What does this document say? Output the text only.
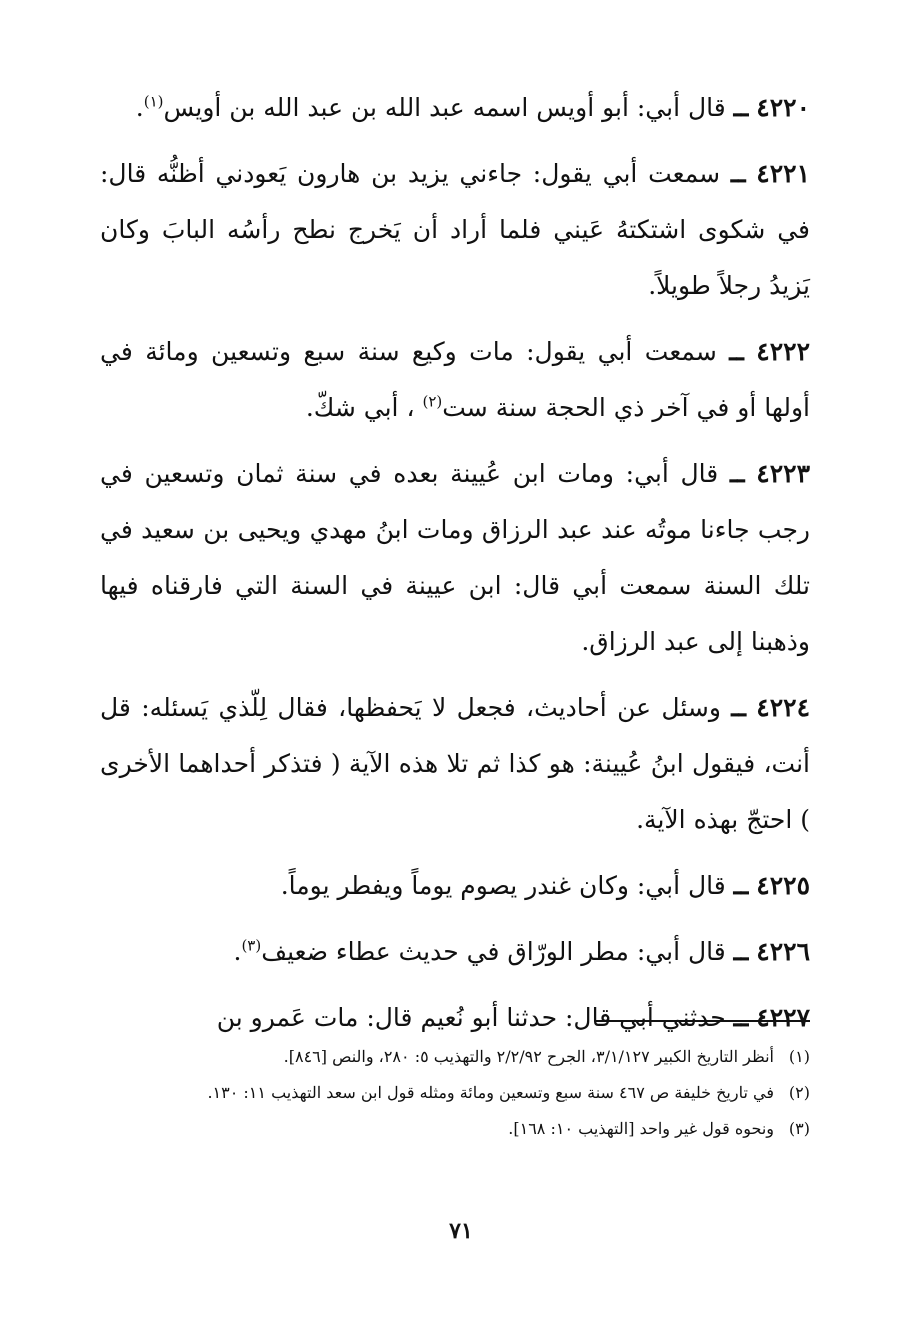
٤٢٢٠ ــ قال أبي: أبو أويس اسمه عبد الله بن عبد الله بن أويس$^{(١)}$.

٤٢٢١ ــ سمعت أبي يقول: جاءني يزيد بن هارون يَعودني أظنُّه قال: في شكوى اشتكتهُ عَيني فلما أراد أن يَخرج نطح رأسُه البابَ وكان يَزيدُ رجلاً طويلاً.

٤٢٢٢ ــ سمعت أبي يقول: مات وكيع سنة سبع وتسعين ومائة في أولها أو في آخر ذي الحجة سنة ست$^{(٢)}$ ، أبي شكّ.

٤٢٢٣ ــ قال أبي: ومات ابن عُيينة بعده في سنة ثمان وتسعين في رجب جاءنا موتُه عند عبد الرزاق ومات ابنُ مهدي ويحيى بن سعيد في تلك السنة سمعت أبي قال: ابن عيينة في السنة التي فارقناه فيها وذهبنا إلى عبد الرزاق.

٤٢٢٤ ــ وسئل عن أحاديث، فجعل لا يَحفظها، فقال لِلّذي يَسئله: قل أنت، فيقول ابنُ عُيينة: هو كذا ثم تلا هذه الآية ( فتذكر أحداهما الأخرى ) احتجّ بهذه الآية.

٤٢٢٥ ــ قال أبي: وكان غندر يصوم يوماً ويفطر يوماً.

٤٢٢٦ ــ قال أبي: مطر الورّاق في حديث عطاء ضعيف$^{(٣)}$.

٤٢٢٧ ــ حدثني أبي قال: حدثنا أبو نُعيم قال: مات عَمرو بن

(١)
أنظر التاريخ الكبير ٣/١/١٢٧، الجرح ٢/٢/٩٢ والتهذيب ٥: ٢٨٠، والنص [٨٤٦].
(٢)
في تاريخ خليفة ص ٤٦٧ سنة سبع وتسعين ومائة ومثله قول ابن سعد التهذيب ١١: ١٣٠.
(٣)
ونحوه قول غير واحد [التهذيب ١٠: ١٦٨].
٧١
